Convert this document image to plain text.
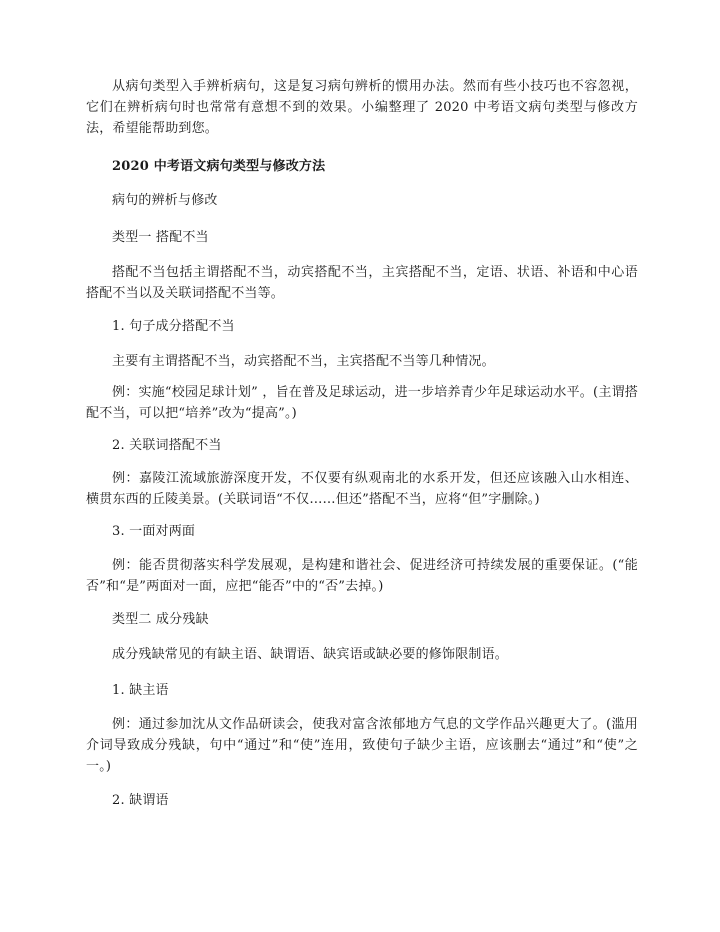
从病句类型入手辨析病句，这是复习病句辨析的惯用办法。然而有些小技巧也不容忽视，它们在辨析病句时也常常有意想不到的效果。小编整理了 2020 中考语文病句类型与修改方法，希望能帮助到您。

2020 中考语文病句类型与修改方法

病句的辨析与修改

类型一 搭配不当

搭配不当包括主谓搭配不当，动宾搭配不当，主宾搭配不当，定语、状语、补语和中心语搭配不当以及关联词搭配不当等。

1. 句子成分搭配不当

主要有主谓搭配不当，动宾搭配不当，主宾搭配不当等几种情况。

例：实施“校园足球计划” ，旨在普及足球运动，进一步培养青少年足球运动水平。(主谓搭配不当，可以把“培养”改为“提高”。)

2. 关联词搭配不当

例：嘉陵江流域旅游深度开发，不仅要有纵观南北的水系开发，但还应该融入山水相连、横贯东西的丘陵美景。(关联词语“不仅……但还”搭配不当，应将“但”字删除。)

3. 一面对两面

例：能否贯彻落实科学发展观，是构建和谐社会、促进经济可持续发展的重要保证。(“能否”和“是”两面对一面，应把“能否”中的“否”去掉。)

类型二 成分残缺

成分残缺常见的有缺主语、缺谓语、缺宾语或缺必要的修饰限制语。

1. 缺主语

例：通过参加沈从文作品研读会，使我对富含浓郁地方气息的文学作品兴趣更大了。(滥用介词导致成分残缺，句中“通过”和“使”连用，致使句子缺少主语，应该删去“通过”和“使”之一。)

2. 缺谓语
